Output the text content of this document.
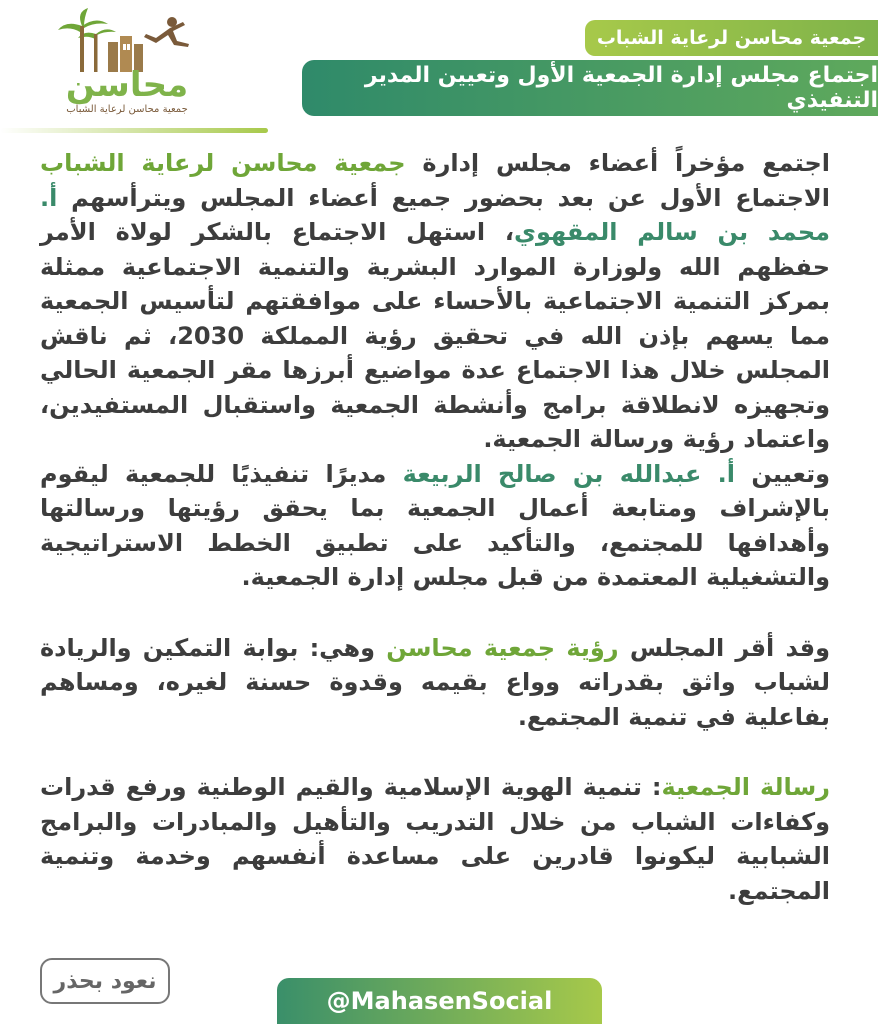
جمعية محاسن لرعاية الشباب
اجتماع مجلس إدارة الجمعية الأول وتعيين المدير التنفيذي
محاسن
جمعية محاسن لرعاية الشباب

اجتمع مؤخراً أعضاء مجلس إدارة جمعية محاسن لرعاية الشباب الاجتماع الأول عن بعد بحضور جميع أعضاء المجلس ويترأسهم أ. محمد بن سالم المقهوي، استهل الاجتماع بالشكر لولاة الأمر حفظهم الله ولوزارة الموارد البشرية والتنمية الاجتماعية ممثلة بمركز التنمية الاجتماعية بالأحساء على موافقتهم لتأسيس الجمعية مما يسهم بإذن الله في تحقيق رؤية المملكة 2030، ثم ناقش المجلس خلال هذا الاجتماع عدة مواضيع أبرزها مقر الجمعية الحالي وتجهيزه لانطلاقة برامج وأنشطة الجمعية واستقبال المستفيدين، واعتماد رؤية ورسالة الجمعية.

وتعيين أ. عبدالله بن صالح الربيعة مديرًا تنفيذيًا للجمعية ليقوم بالإشراف ومتابعة أعمال الجمعية بما يحقق رؤيتها ورسالتها وأهدافها للمجتمع، والتأكيد على تطبيق الخطط الاستراتيجية والتشغيلية المعتمدة من قبل مجلس إدارة الجمعية.

وقد أقر المجلس رؤية جمعية محاسن وهي: بوابة التمكين والريادة لشباب واثق بقدراته وواع بقيمه وقدوة حسنة لغيره، ومساهم بفاعلية في تنمية المجتمع.

رسالة الجمعية: تنمية الهوية الإسلامية والقيم الوطنية ورفع قدرات وكفاءات الشباب من خلال التدريب والتأهيل والمبادرات والبرامج الشبابية ليكونوا قادرين على مساعدة أنفسهم وخدمة وتنمية المجتمع.

نعود بحذر
@MahasenSocial
